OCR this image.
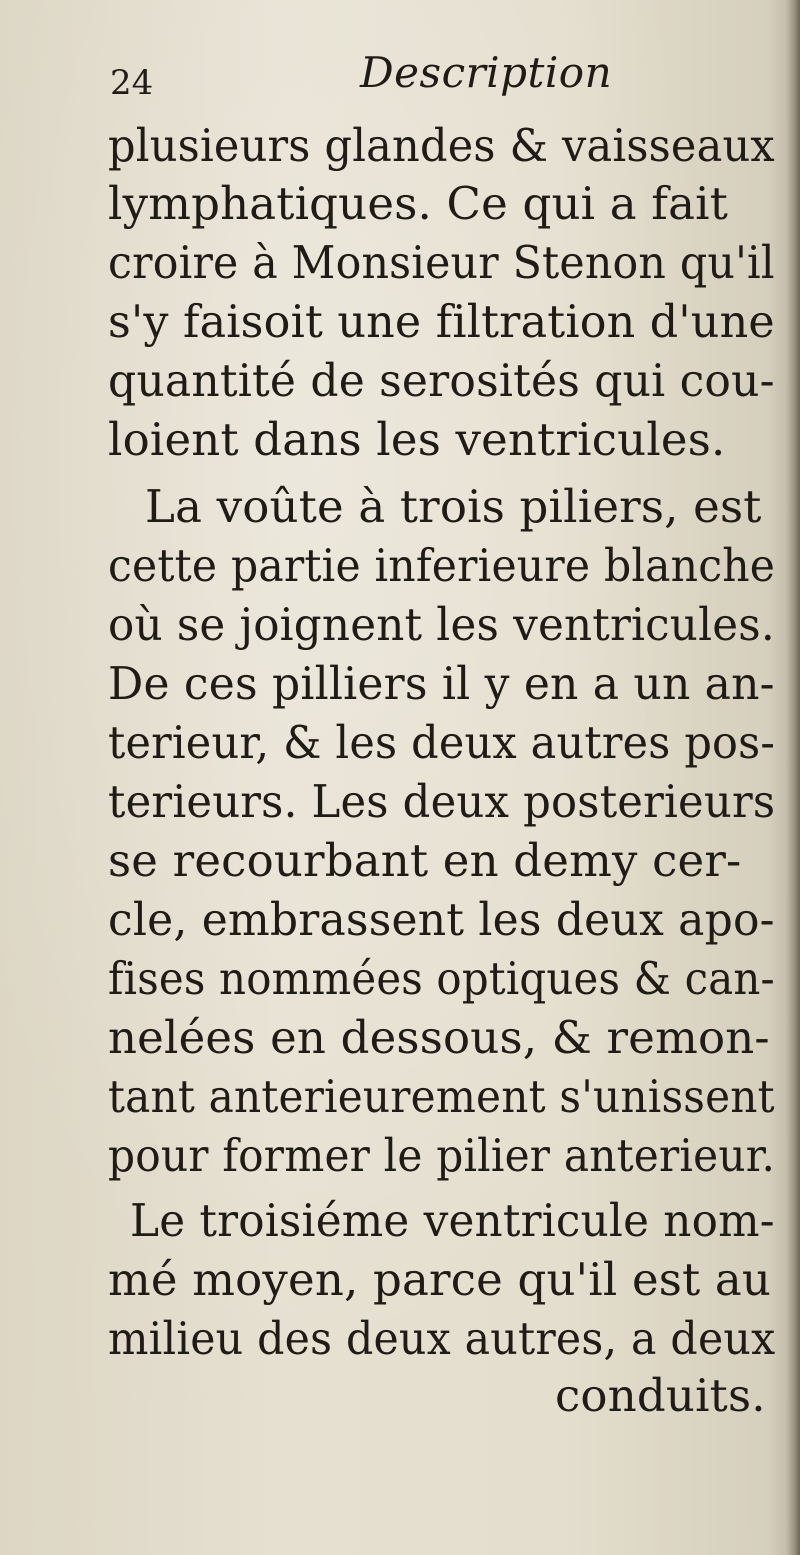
24	Description
plusieurs glandes & vaisseaux
lymphatiques. Ce qui a fait
croire à Monsieur Stenon qu'il
s'y faisoit une filtration d'une
quantité de serosités qui cou-
loient dans les ventricules.
La voûte à trois piliers, est
cette partie inferieure blanche
où se joignent les ventricules.
De ces pilliers il y en a un an-
terieur, & les deux autres pos-
terieurs. Les deux posterieurs
se recourbant en demy cer-
cle, embrassent les deux apo-
fises nommées optiques & can-
nelées en dessous, & remon-
tant anterieurement s'unissent
pour former le pilier anterieur.
Le troisiéme ventricule nom-
mé moyen, parce qu'il est au
milieu des deux autres, a deux
conduits.
